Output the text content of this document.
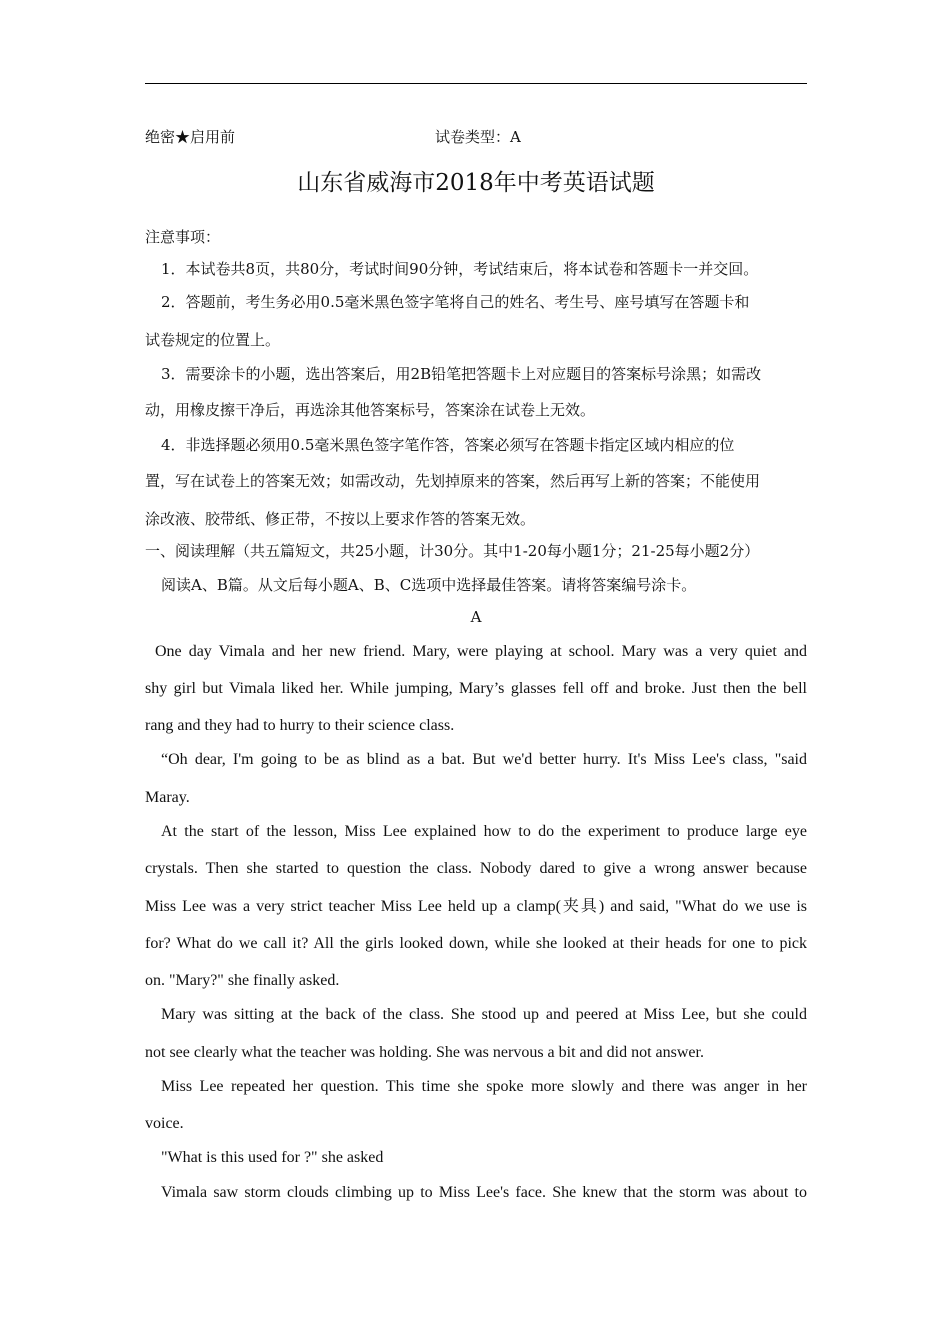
绝密★启用前	试卷类型：A
山东省威海市2018年中考英语试题
注意事项：
1．本试卷共8页，共80分，考试时间90分钟，考试结束后，将本试卷和答题卡一并交回。
2．答题前，考生务必用0.5毫米黑色签字笔将自己的姓名、考生号、座号填写在答题卡和
试卷规定的位置上。
3．需要涂卡的小题，选出答案后，用2B铅笔把答题卡上对应题目的答案标号涂黑；如需改
动，用橡皮擦干净后，再选涂其他答案标号，答案涂在试卷上无效。
4．非选择题必须用0.5毫米黑色签字笔作答，答案必须写在答题卡指定区域内相应的位
置，写在试卷上的答案无效；如需改动，先划掉原来的答案，然后再写上新的答案；不能使用
涂改液、胶带纸、修正带，不按以上要求作答的答案无效。
一、阅读理解（共五篇短文，共25小题，计30分。其中1-20每小题1分；21-25每小题2分）
阅读A、B篇。从文后每小题A、B、C选项中选择最佳答案。请将答案编号涂卡。
A
One day Vimala and her new friend. Mary, were playing at school. Mary was a very quiet and
shy girl but Vimala liked her. While jumping, Mary’s glasses fell off and broke. Just then the bell
rang and they had to hurry to their science class.
“Oh dear, I'm going to be as blind as a bat. But we'd better hurry. It's Miss Lee's class, "said
Maray.
At the start of the lesson, Miss Lee explained how to do the experiment to produce large eye
crystals. Then she started to question the class. Nobody dared to give a wrong answer because
Miss Lee was a very strict teacher Miss Lee held up a clamp(夹具) and said, "What do we use is
for? What do we call it? All the girls looked down, while she looked at their heads for one to pick
on. "Mary?" she finally asked.
Mary was sitting at the back of the class. She stood up and peered at Miss Lee, but she could
not see clearly what the teacher was holding. She was nervous a bit and did not answer.
Miss Lee repeated her question. This time she spoke more slowly and there was anger in her
voice.
"What is this used for ?" she asked
Vimala saw storm clouds climbing up to Miss Lee's face. She knew that the storm was about to
